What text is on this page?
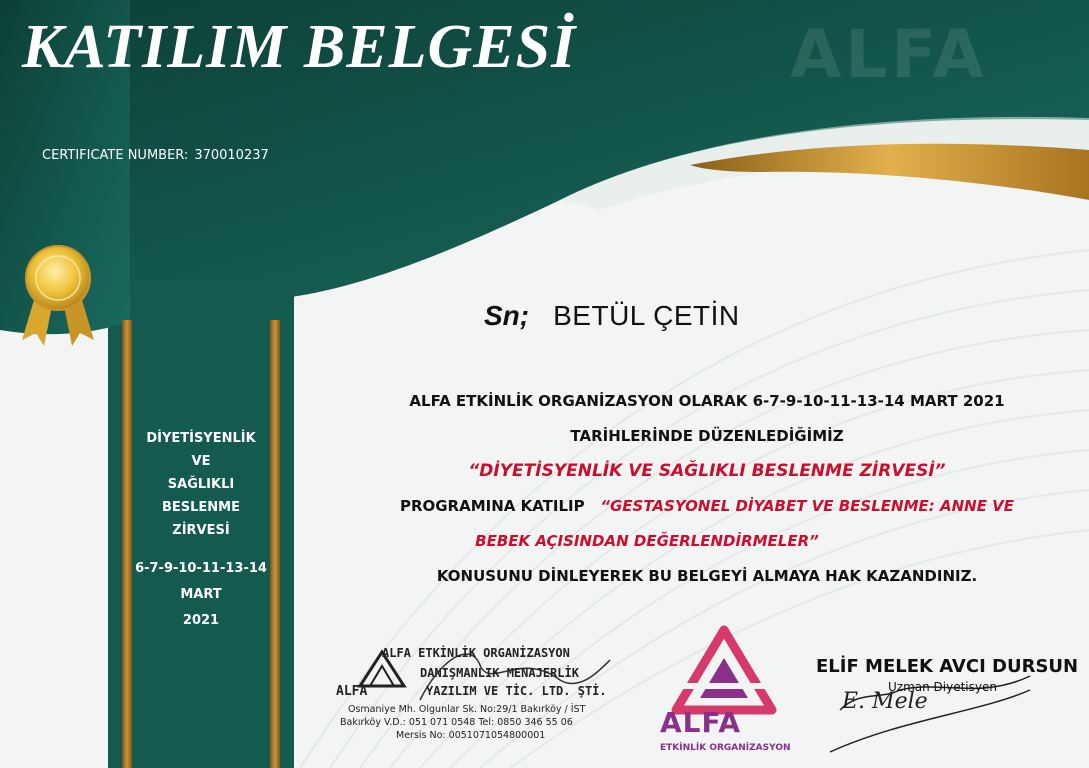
E. Mele
ALFA
KATILIM BELGESİ
CERTIFICATE NUMBER: 370010237
DİYETİSYENLİK
VE
SAĞLIKLI
BESLENME
ZİRVESİ
6-7-9-10-11-13-14
MART
2021
Sn; BETÜL ÇETİN
ALFA ETKİNLİK ORGANİZASYON OLARAK 6-7-9-10-11-13-14 MART 2021
TARİHLERİNDE DÜZENLEDİĞİMİZ
“DİYETİSYENLİK VE SAĞLIKLI BESLENME ZİRVESİ”
PROGRAMINA KATILIP “GESTASYONEL DİYABET VE BESLENME: ANNE VE
BEBEK AÇISINDAN DEĞERLENDİRMELER”
KONUSUNU DİNLEYEREK BU BELGEYİ ALMAYA HAK KAZANDINIZ.
ALFA ETKİNLİK ORGANİZASYON
DANIŞMANLIK MENAJERLİK
YAZILIM VE TİC. LTD. ŞTİ.
ALFA
Osmaniye Mh. Olgunlar Sk. No:29/1 Bakırköy / İST
Bakırköy V.D.: 051 071 0548 Tel: 0850 346 55 06
Mersis No: 0051071054800001	ALFA
ETKİNLİK ORGANİZASYON
ELİF MELEK AVCI DURSUN
Uzman Diyetisyen
